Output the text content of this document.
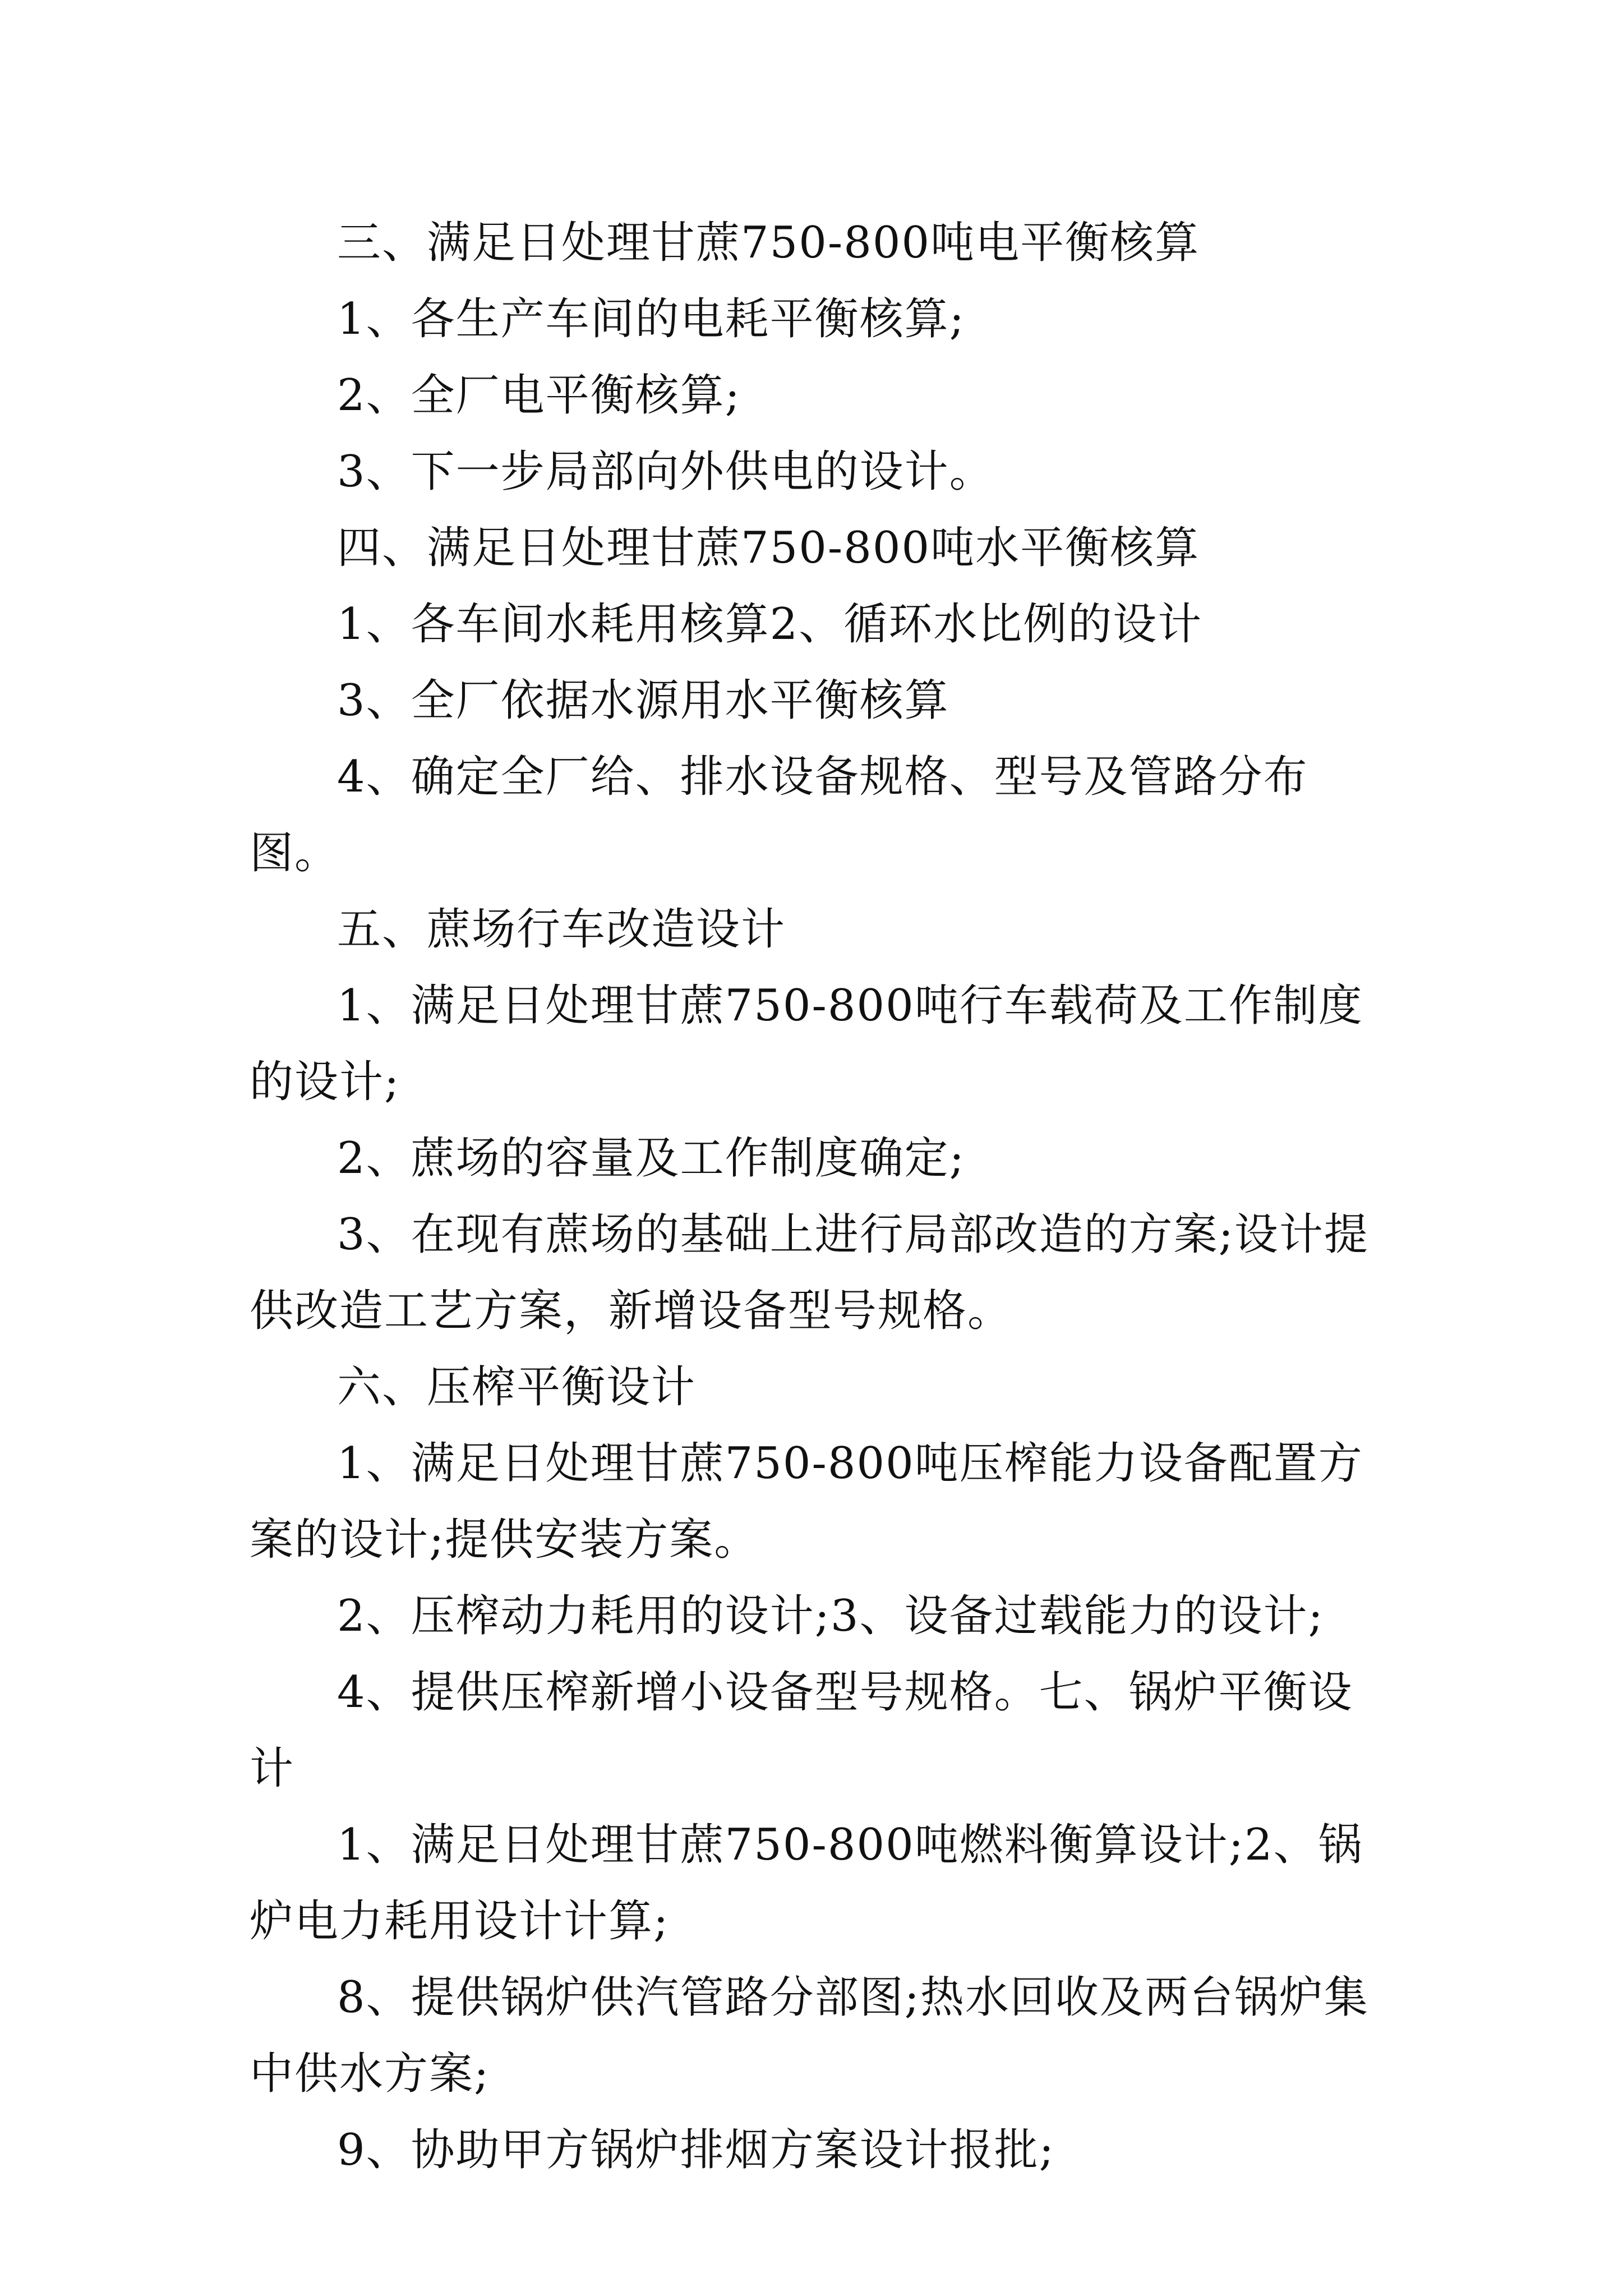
三、满足日处理甘蔗750-800吨电平衡核算

1、各生产车间的电耗平衡核算;

2、全厂电平衡核算;

3、下一步局部向外供电的设计。

四、满足日处理甘蔗750-800吨水平衡核算

1、各车间水耗用核算2、循环水比例的设计

3、全厂依据水源用水平衡核算

4、确定全厂给、排水设备规格、型号及管路分布图。

五、蔗场行车改造设计

1、满足日处理甘蔗750-800吨行车载荷及工作制度的设计;

2、蔗场的容量及工作制度确定;

3、在现有蔗场的基础上进行局部改造的方案;设计提供改造工艺方案，新增设备型号规格。

六、压榨平衡设计

1、满足日处理甘蔗750-800吨压榨能力设备配置方案的设计;提供安装方案。

2、压榨动力耗用的设计;3、设备过载能力的设计;

4、提供压榨新增小设备型号规格。七、锅炉平衡设计

1、满足日处理甘蔗750-800吨燃料衡算设计;2、锅炉电力耗用设计计算;

8、提供锅炉供汽管路分部图;热水回收及两台锅炉集中供水方案;

9、协助甲方锅炉排烟方案设计报批;
